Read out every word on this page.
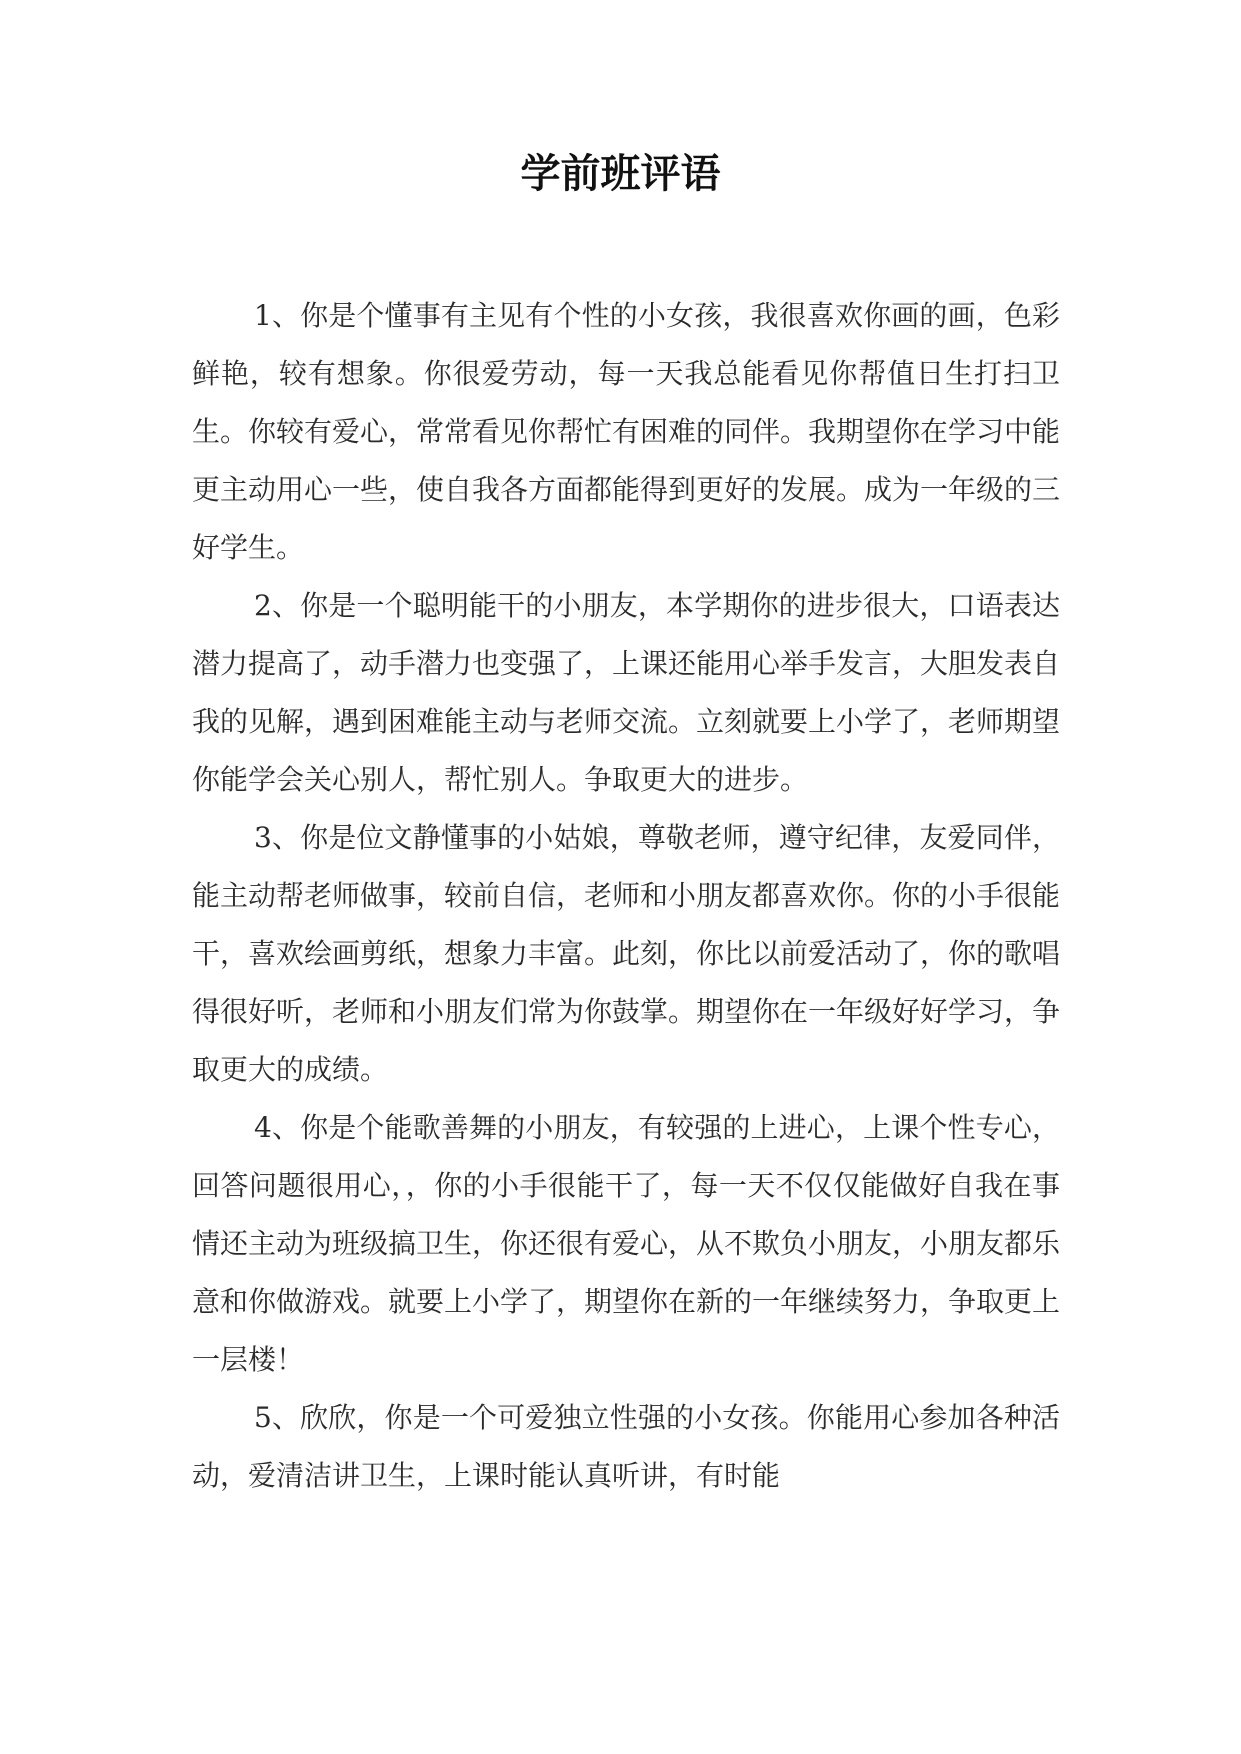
学前班评语

1、你是个懂事有主见有个性的小女孩，我很喜欢你画的画，色彩鲜艳，较有想象。你很爱劳动，每一天我总能看见你帮值日生打扫卫生。你较有爱心，常常看见你帮忙有困难的同伴。我期望你在学习中能更主动用心一些，使自我各方面都能得到更好的发展。成为一年级的三好学生。

2、你是一个聪明能干的小朋友，本学期你的进步很大，口语表达潜力提高了，动手潜力也变强了，上课还能用心举手发言，大胆发表自我的见解，遇到困难能主动与老师交流。立刻就要上小学了，老师期望你能学会关心别人，帮忙别人。争取更大的进步。

3、你是位文静懂事的小姑娘，尊敬老师，遵守纪律，友爱同伴，能主动帮老师做事，较前自信，老师和小朋友都喜欢你。你的小手很能干，喜欢绘画剪纸，想象力丰富。此刻，你比以前爱活动了，你的歌唱得很好听，老师和小朋友们常为你鼓掌。期望你在一年级好好学习，争取更大的成绩。

4、你是个能歌善舞的小朋友，有较强的上进心，上课个性专心，回答问题很用心，，你的小手很能干了，每一天不仅仅能做好自我在事情还主动为班级搞卫生，你还很有爱心，从不欺负小朋友，小朋友都乐意和你做游戏。就要上小学了，期望你在新的一年继续努力，争取更上一层楼！

5、欣欣，你是一个可爱独立性强的小女孩。你能用心参加各种活动，爱清洁讲卫生，上课时能认真听讲，有时能
